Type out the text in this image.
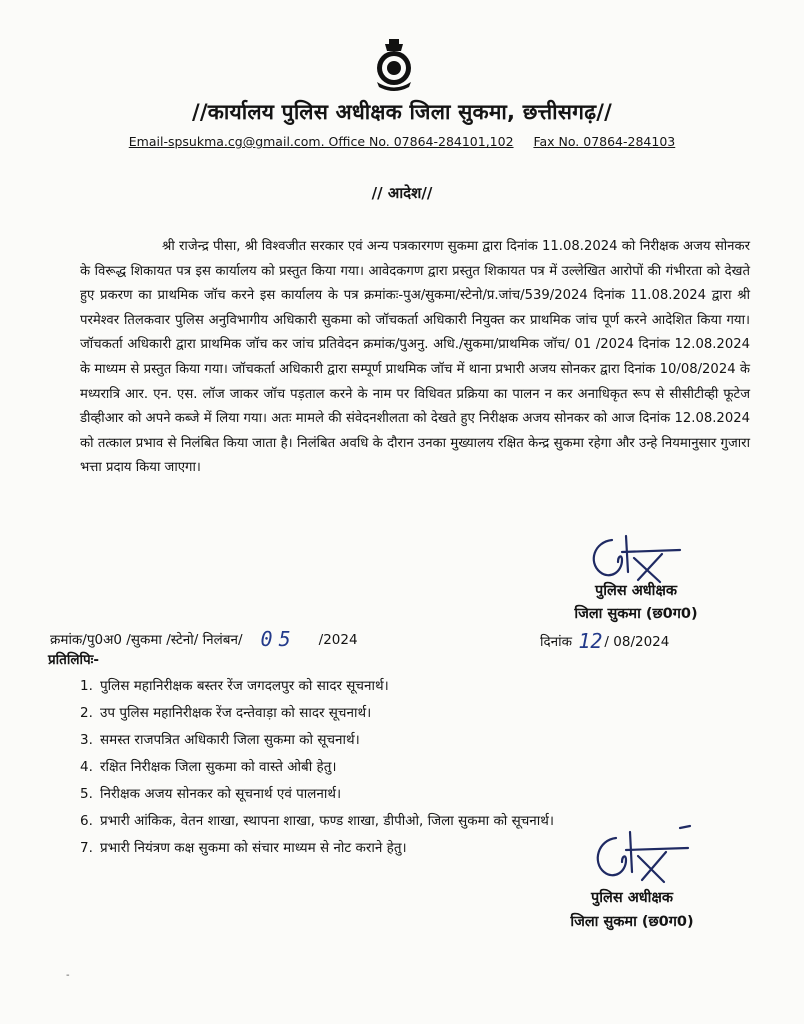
//कार्यालय पुलिस अधीक्षक जिला सुकमा, छत्तीसगढ़//
Email-spsukma.cg@gmail.com. Office No. 07864-284101,102 Fax No. 07864-284103
// आदेश//
श्री राजेन्द्र पीसा, श्री विश्वजीत सरकार एवं अन्य पत्रकारगण सुकमा द्वारा दिनांक 11.08.2024 को निरीक्षक अजय सोनकर के विरूद्ध शिकायत पत्र इस कार्यालय को प्रस्तुत किया गया। आवेदकगण द्वारा प्रस्तुत शिकायत पत्र में उल्लेखित आरोपों की गंभीरता को देखते हुए प्रकरण का प्राथमिक जॉच करने इस कार्यालय के पत्र क्रमांकः-पुअ/सुकमा/स्टेनो/प्र.जांच/539/2024 दिनांक 11.08.2024 द्वारा श्री परमेश्वर तिलकवार पुलिस अनुविभागीय अधिकारी सुकमा को जॉचकर्ता अधिकारी नियुक्त कर प्राथमिक जांच पूर्ण करने आदेशित किया गया। जॉचकर्ता अधिकारी द्वारा प्राथमिक जॉच कर जांच प्रतिवेदन क्रमांक/पुअनु. अधि./सुकमा/प्राथमिक जॉच/ 01 /2024 दिनांक 12.08.2024 के माध्यम से प्रस्तुत किया गया। जॉचकर्ता अधिकारी द्वारा सम्पूर्ण प्राथमिक जॉच में थाना प्रभारी अजय सोनकर द्वारा दिनांक 10/08/2024 के मध्यरात्रि आर. एन. एस. लॉज जाकर जॉच पड़ताल करने के नाम पर विधिवत प्रक्रिया का पालन न कर अनाधिकृत रूप से सीसीटीव्ही फूटेज डीव्हीआर को अपने कब्जे में लिया गया। अतः मामले की संवेदनशीलता को देखते हुए निरीक्षक अजय सोनकर को आज दिनांक 12.08.2024 को तत्काल प्रभाव से निलंबित किया जाता है। निलंबित अवधि के दौरान उनका मुख्यालय रक्षित केन्द्र सुकमा रहेगा और उन्हे नियमानुसार गुजारा भत्ता प्रदाय किया जाएगा।
पुलिस अधीक्षक
जिला सुकमा (छ0ग0)
क्रमांक/पु0अ0 /सुकमा /स्टेनो/ निलंबन/ 05 /2024	दिनांक 12 / 08/2024
प्रतिलिपिः-
1. पुलिस महानिरीक्षक बस्तर रेंज जगदलपुर को सादर सूचनार्थ।
2. उप पुलिस महानिरीक्षक रेंज दन्तेवाड़ा को सादर सूचनार्थ।
3. समस्त राजपत्रित अधिकारी जिला सुकमा को सूचनार्थ।
4. रक्षित निरीक्षक जिला सुकमा को वास्ते ओबी हेतु।
5. निरीक्षक अजय सोनकर को सूचनार्थ एवं पालनार्थ।
6. प्रभारी आंकिक, वेतन शाखा, स्थापना शाखा, फण्ड शाखा, डीपीओ, जिला सुकमा को सूचनार्थ।
7. प्रभारी नियंत्रण कक्ष सुकमा को संचार माध्यम से नोट कराने हेतु।
पुलिस अधीक्षक
जिला सुकमा (छ0ग0)
-
